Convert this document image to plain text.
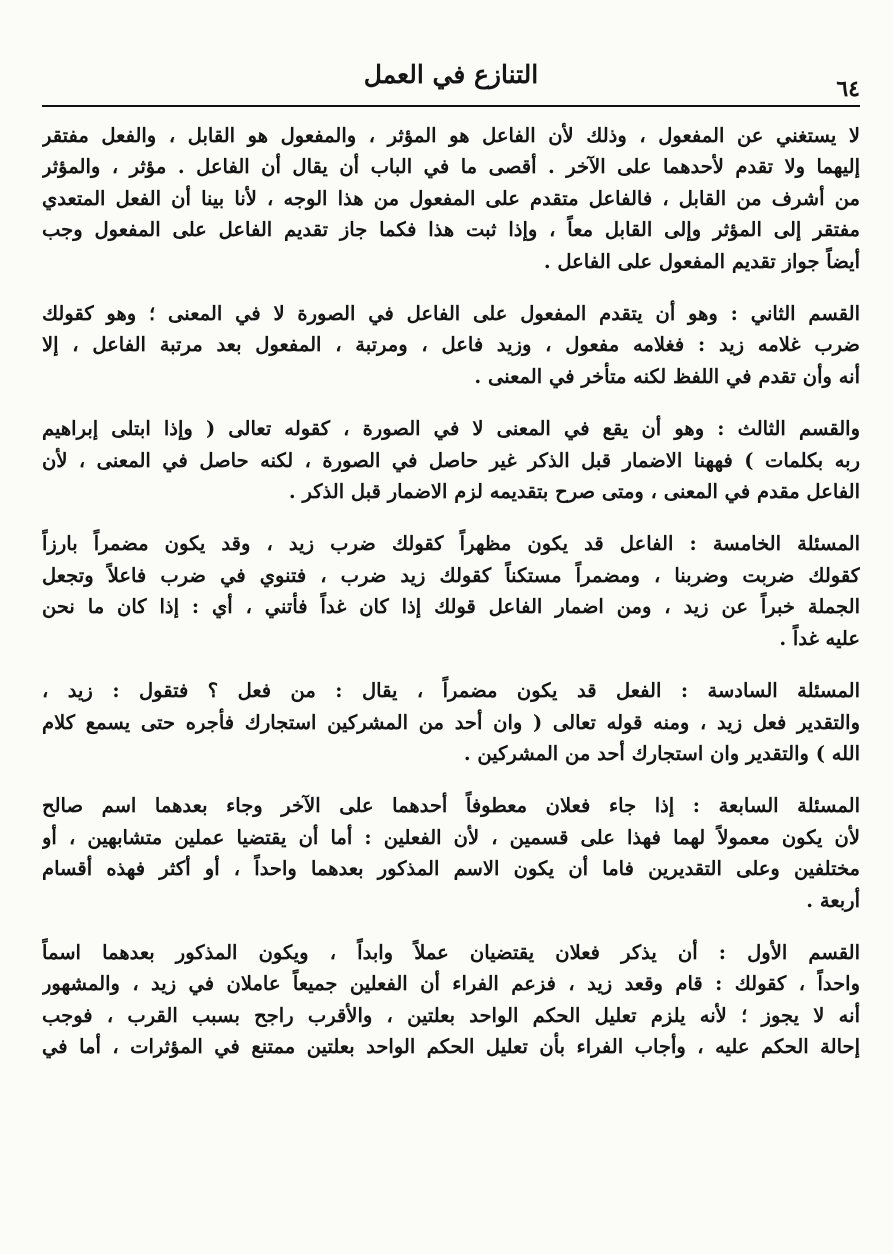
٦٤
التنازع في العمل

لا يستغني عن المفعول ، وذلك لأن الفاعل هو المؤثر ، والمفعول هو القابل ، والفعل مفتقر
إليهما ولا تقدم لأحدهما على الآخر . أقصى ما في الباب أن يقال أن الفاعل . مؤثر ، والمؤثر
من أشرف من القابل ، فالفاعل متقدم على المفعول من هذا الوجه ، لأنا بينا أن الفعل المتعدي
مفتقر إلى المؤثر وإلى القابل معاً ، وإذا ثبت هذا فكما جاز تقديم الفاعل على المفعول وجب
أيضاً جواز تقديم المفعول على الفاعل .

القسم الثاني : وهو أن يتقدم المفعول على الفاعل في الصورة لا في المعنى ؛ وهو كقولك
ضرب غلامه زيد : فغلامه مفعول ، وزيد فاعل ، ومرتبة ، المفعول بعد مرتبة الفاعل ، إلا
أنه وأن تقدم في اللفظ لكنه متأخر في المعنى .

والقسم الثالث : وهو أن يقع في المعنى لا في الصورة ، كقوله تعالى ( وإذا ابتلى إبراهيم
ربه بكلمات ) فههنا الاضمار قبل الذكر غير حاصل في الصورة ، لكنه حاصل في المعنى ، لأن
الفاعل مقدم في المعنى ، ومتى صرح بتقديمه لزم الاضمار قبل الذكر .

المسئلة الخامسة : الفاعل قد يكون مظهراً كقولك ضرب زيد ، وقد يكون مضمراً بارزاً
كقولك ضربت وضربنا ، ومضمراً مستكناً كقولك زيد ضرب ، فتنوي في ضرب فاعلاً وتجعل
الجملة خبراً عن زيد ، ومن اضمار الفاعل قولك إذا كان غداً فأتني ، أي : إذا كان ما نحن
عليه غداً .

المسئلة السادسة : الفعل قد يكون مضمراً ، يقال : من فعل ؟ فتقول : زيد ،
والتقدير فعل زيد ، ومنه قوله تعالى ( وان أحد من المشركين استجارك فأجره حتى يسمع كلام
الله ) والتقدير وان استجارك أحد من المشركين .

المسئلة السابعة : إذا جاء فعلان معطوفاً أحدهما على الآخر وجاء بعدهما اسم صالح
لأن يكون معمولاً لهما فهذا على قسمين ، لأن الفعلين : أما أن يقتضيا عملين متشابهين ، أو
مختلفين وعلى التقديرين فاما أن يكون الاسم المذكور بعدهما واحداً ، أو أكثر فهذه أقسام
أربعة .

القسم الأول : أن يذكر فعلان يقتضيان عملاً وابداً ، ويكون المذكور بعدهما اسماً
واحداً ، كقولك : قام وقعد زيد ، فزعم الفراء أن الفعلين جميعاً عاملان في زيد ، والمشهور
أنه لا يجوز ؛ لأنه يلزم تعليل الحكم الواحد بعلتين ، والأقرب راجح بسبب القرب ، فوجب
إحالة الحكم عليه ، وأجاب الفراء بأن تعليل الحكم الواحد بعلتين ممتنع في المؤثرات ، أما في
